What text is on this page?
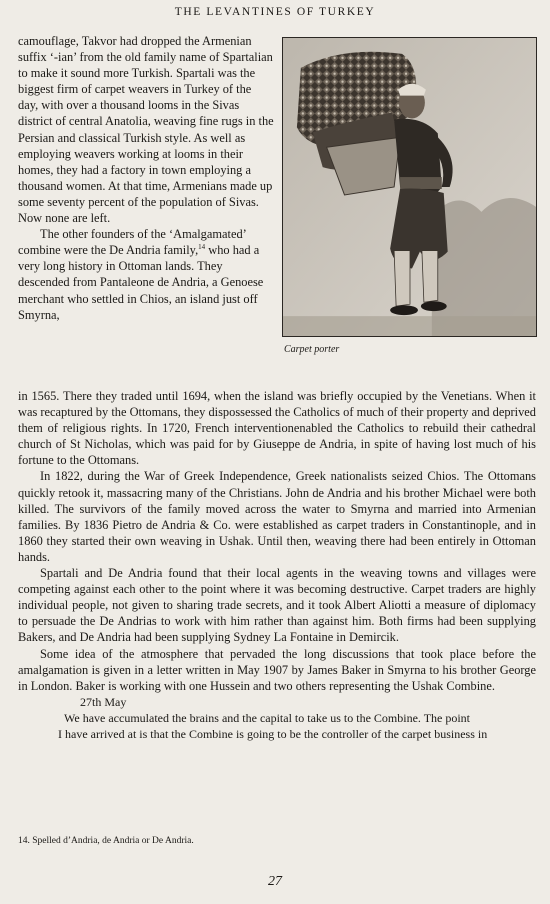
THE LEVANTINES OF TURKEY

camouflage, Takvor had dropped the Armenian suffix ‘-ian’ from the old family name of Spartalian to make it sound more Turkish. Spartali was the biggest firm of carpet weavers in Turkey of the day, with over a thousand looms in the Sivas district of central Anatolia, weaving fine rugs in the Persian and classical Turkish style. As well as employing weavers working at looms in their homes, they had a factory in town employing a thousand women. At that time, Armenians made up some seventy percent of the population of Sivas. Now none are left.

The other founders of the ‘Amalgamated’ combine were the De Andria family,$^{14}$ who had a very long history in Ottoman lands. They descended from Pantaleone de Andria, a Genoese merchant who settled in Chios, an island just off Smyrna,

Carpet porter

in 1565. There they traded until 1694, when the island was briefly occupied by the Venetians. When it was recaptured by the Ottomans, they dispossessed the Catholics of much of their property and deprived them of religious rights. In 1720, French interventionenabled the Catholics to rebuild their cathedral church of St Nicholas, which was paid for by Giuseppe de Andria, in spite of having lost much of his fortune to the Ottomans.

In 1822, during the War of Greek Independence, Greek nationalists seized Chios. The Ottomans quickly retook it, massacring many of the Christians. John de Andria and his brother Michael were both killed. The survivors of the family moved across the water to Smyrna and married into Armenian families. By 1836 Pietro de Andria & Co. were established as carpet traders in Constantinople, and in 1860 they started their own weaving in Ushak. Until then, weaving there had been entirely in Ottoman hands.

Spartali and De Andria found that their local agents in the weaving towns and villages were competing against each other to the point where it was becoming destructive. Carpet traders are highly individual people, not given to sharing trade secrets, and it took Albert Aliotti a measure of diplomacy to persuade the De Andrias to work with him rather than against him. Both firms had been supplying Bakers, and De Andria had been supplying Sydney La Fontaine in Demircik.

Some idea of the atmosphere that pervaded the long discussions that took place before the amalgamation is given in a letter written in May 1907 by James Baker in Smyrna to his brother George in London. Baker is working with one Hussein and two others representing the Ushak Combine.

27th May

We have accumulated the brains and the capital to take us to the Combine. The point

I have arrived at is that the Combine is going to be the controller of the carpet business in

14. Spelled d’Andria, de Andria or De Andria.
27
